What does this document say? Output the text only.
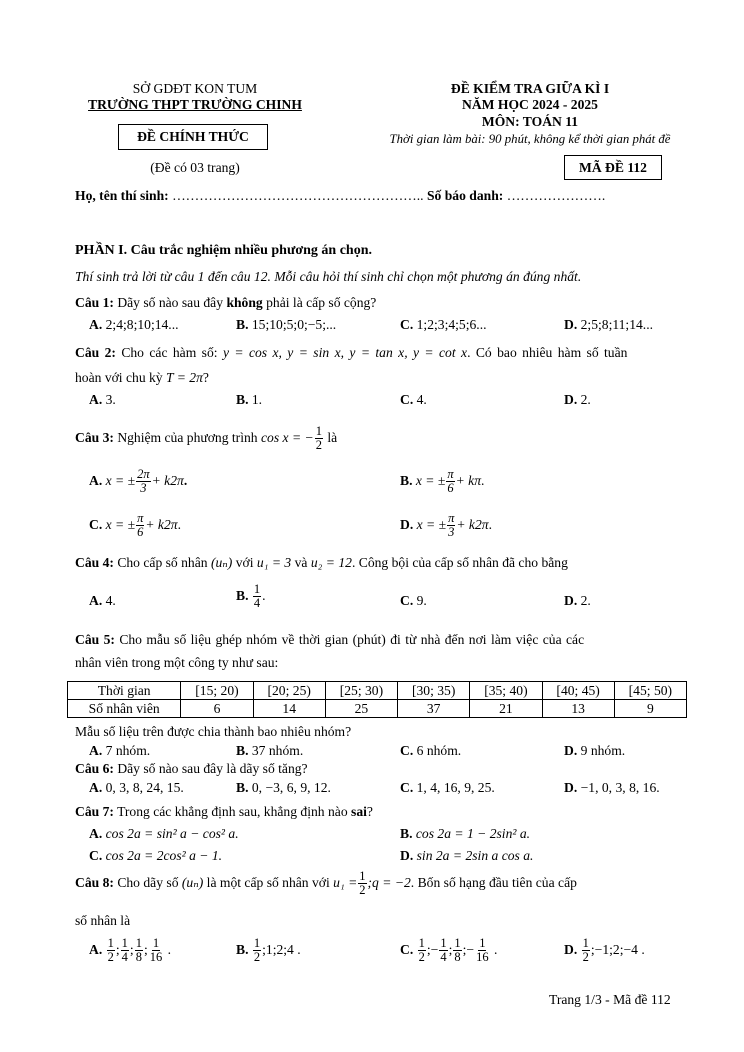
SỞ GDĐT KON TUM
TRƯỜNG THPT TRƯỜNG CHINH
ĐỀ CHÍNH THỨC
(Đề có 03 trang)
ĐỀ KIỂM TRA GIỮA KÌ I
NĂM HỌC 2024 - 2025
MÔN: TOÁN 11
Thời gian làm bài: 90 phút, không kể thời gian phát đề
MÃ ĐỀ 112
Họ, tên thí sinh: ……………………………………………….. Số báo danh: ………………….
PHẦN I. Câu trắc nghiệm nhiều phương án chọn.
Thí sinh trả lời từ câu 1 đến câu 12. Mỗi câu hỏi thí sinh chỉ chọn một phương án đúng nhất.
Câu 1: Dãy số nào sau đây không phải là cấp số cộng?
A. 2;4;8;10;14...	B. 15;10;5;0;−5;...	C. 1;2;3;4;5;6...	D. 2;5;8;11;14...
Câu 2: Cho các hàm số: y = cos x, y = sin x, y = tan x, y = cot x. Có bao nhiêu hàm số tuần
hoàn với chu kỳ T = 2π?
A. 3.	B. 1.	C. 4.	D. 2.
Câu 3: Nghiệm của phương trình cos x = − $\frac{1}{2}$ là
A. x = ± $\frac{2\pi}{3} + k2\pi$.	B. x = ± $\frac{\pi}{6} + k\pi$.
C. x = ± $\frac{\pi}{6} + k2\pi$.	D. x = ± $\frac{\pi}{3} + k2\pi$.
Câu 4: Cho cấp số nhân (uₙ) với u₁ = 3 và u₂ = 12. Công bội của cấp số nhân đã cho bằng
A. 4.	B. $\frac{1}{4}$ .	C. 9.	D. 2.
Câu 5: Cho mẫu số liệu ghép nhóm về thời gian (phút) đi từ nhà đến nơi làm việc của các
nhân viên trong một công ty như sau:
Thời gian	[15; 20)	[20; 25)	[25; 30)	[30; 35)	[35; 40)	[40; 45)	[45; 50)
Số nhân viên	6	14	25	37	21	13	9
Mẫu số liệu trên được chia thành bao nhiêu nhóm?
A. 7 nhóm.	B. 37 nhóm.	C. 6 nhóm.	D. 9 nhóm.
Câu 6: Dãy số nào sau đây là dãy số tăng?
A. 0, 3, 8, 24, 15.	B. 0, −3, 6, 9, 12.	C. 1, 4, 16, 9, 25.	D. −1, 0, 3, 8, 16.
Câu 7: Trong các khẳng định sau, khẳng định nào sai?
A. cos 2a = sin² a − cos² a.	B. cos 2a = 1 − 2sin² a.
C. cos 2a = 2cos² a − 1.	D. sin 2a = 2sin a cos a.
Câu 8: Cho dãy số (uₙ) là một cấp số nhân với $u_1 = \frac{1}{2}$ ;q = −2. Bốn số hạng đầu tiên của cấp
số nhân là
A. $\frac{1}{2}$ ; $\frac{1}{4}$ ; $\frac{1}{8}$ ; $\frac{1}{16}$ .	B. $\frac{1}{2}$ ;1;2;4 .	C. $\frac{1}{2}$ ;− $\frac{1}{4}$ ; $\frac{1}{8}$ ;− $\frac{1}{16}$ .	D. $\frac{1}{2}$ ;−1;2;−4 .
Trang 1/3 - Mã đề 112
